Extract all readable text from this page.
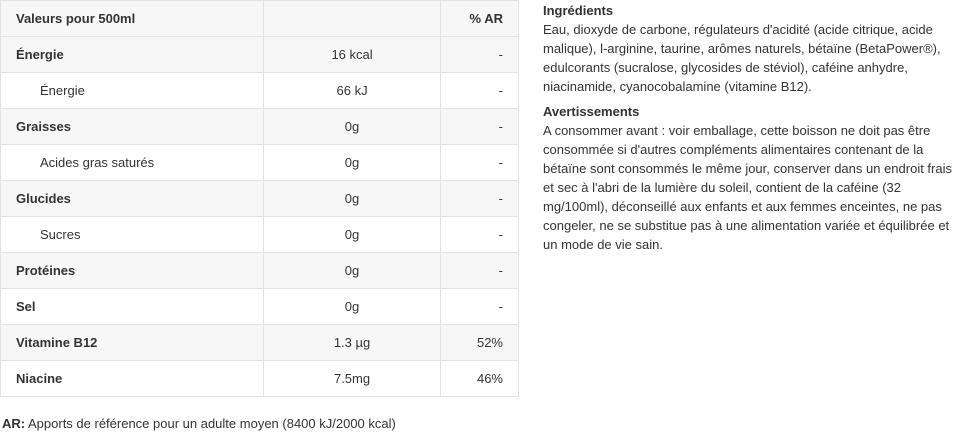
Valeurs pour 500ml		% AR
Énergie	16 kcal	-
Énergie	66 kJ	-
Graisses	0g	-
Acides gras saturés	0g	-
Glucides	0g	-
Sucres	0g	-
Protéines	0g	-
Sel	0g	-
Vitamine B12	1.3 µg	52%
Niacine	7.5mg	46%
AR: Apports de référence pour un adulte moyen (8400 kJ/2000 kcal)
Ingrédients

Eau, dioxyde de carbone, régulateurs d'acidité (acide citrique, acide malique), l-arginine, taurine, arômes naturels, bétaïne (BetaPower®), edulcorants (sucralose, glycosides de stéviol), caféine anhydre, niacinamide, cyanocobalamine (vitamine B12).

Avertissements

A consommer avant : voir emballage, cette boisson ne doit pas être consommée si d'autres compléments alimentaires contenant de la bétaïne sont consommés le même jour, conserver dans un endroit frais et sec à l'abri de la lumière du soleil, contient de la caféine (32 mg/100ml), déconseillé aux enfants et aux femmes enceintes, ne pas congeler, ne se substitue pas à une alimentation variée et équilibrée et un mode de vie sain.
